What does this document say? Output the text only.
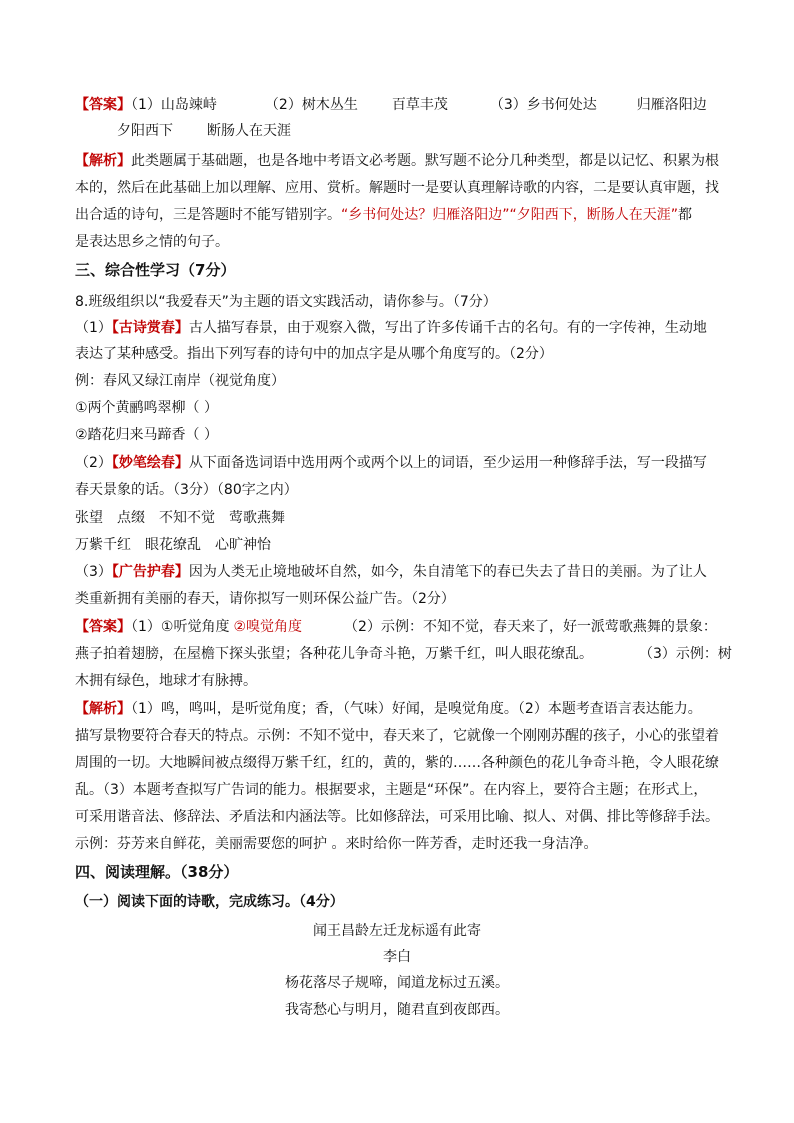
【答案】（1）山岛竦峙	（2）树木丛生 百草丰茂	（3）乡书何处达	归雁洛阳边
夕阳西下 断肠人在天涯
【解析】此类题属于基础题，也是各地中考语文必考题。默写题不论分几种类型，都是以记忆、积累为根
本的，然后在此基础上加以理解、应用、赏析。解题时一是要认真理解诗歌的内容，二是要认真审题，找
出合适的诗句，三是答题时不能写错别字。“乡书何处达？归雁洛阳边”“夕阳西下，断肠人在天涯”都
是表达思乡之情的句子。
三、综合性学习（7分）
8.班级组织以“我爱春天”为主题的语文实践活动，请你参与。（7分）
（1）【古诗赏春】古人描写春景，由于观察入微，写出了许多传诵千古的名句。有的一字传神，生动地
表达了某种感受。指出下列写春的诗句中的加点字是从哪个角度写的。（2分）
例：春风又绿江南岸（视觉角度）
①两个黄鹂鸣翠柳（ ）
②踏花归来马蹄香（ ）
（2）【妙笔绘春】从下面备选词语中选用两个或两个以上的词语，至少运用一种修辞手法，写一段描写
春天景象的话。（3分）（80字之内）
张望 点缀 不知不觉 莺歌燕舞
万紫千红 眼花缭乱 心旷神怡
（3）【广告护春】因为人类无止境地破坏自然，如今，朱自清笔下的春已失去了昔日的美丽。为了让人
类重新拥有美丽的春天，请你拟写一则环保公益广告。（2分）
【答案】（1）①听觉角度 ②嗅觉角度	（2）示例：不知不觉，春天来了，好一派莺歌燕舞的景象：
燕子拍着翅膀，在屋檐下探头张望；各种花儿争奇斗艳，万紫千红，叫人眼花缭乱。	（3）示例：树
木拥有绿色，地球才有脉搏。
【解析】（1）鸣，鸣叫，是听觉角度；香，（气味）好闻，是嗅觉角度。（2）本题考查语言表达能力。
描写景物要符合春天的特点。示例：不知不觉中，春天来了，它就像一个刚刚苏醒的孩子，小心的张望着
周围的一切。大地瞬间被点缀得万紫千红，红的，黄的，紫的……各种颜色的花儿争奇斗艳，令人眼花缭
乱。（3）本题考查拟写广告词的能力。根据要求，主题是“环保”。在内容上，要符合主题；在形式上，
可采用谐音法、修辞法、矛盾法和内涵法等。比如修辞法，可采用比喻、拟人、对偶、排比等修辞手法。
示例：芬芳来自鲜花，美丽需要您的呵护 。来时给你一阵芳香，走时还我一身洁净。
四、阅读理解。（38分）
（一）阅读下面的诗歌，完成练习。（4分）
闻王昌龄左迁龙标遥有此寄
李白
杨花落尽子规啼，闻道龙标过五溪。
我寄愁心与明月，随君直到夜郎西。
